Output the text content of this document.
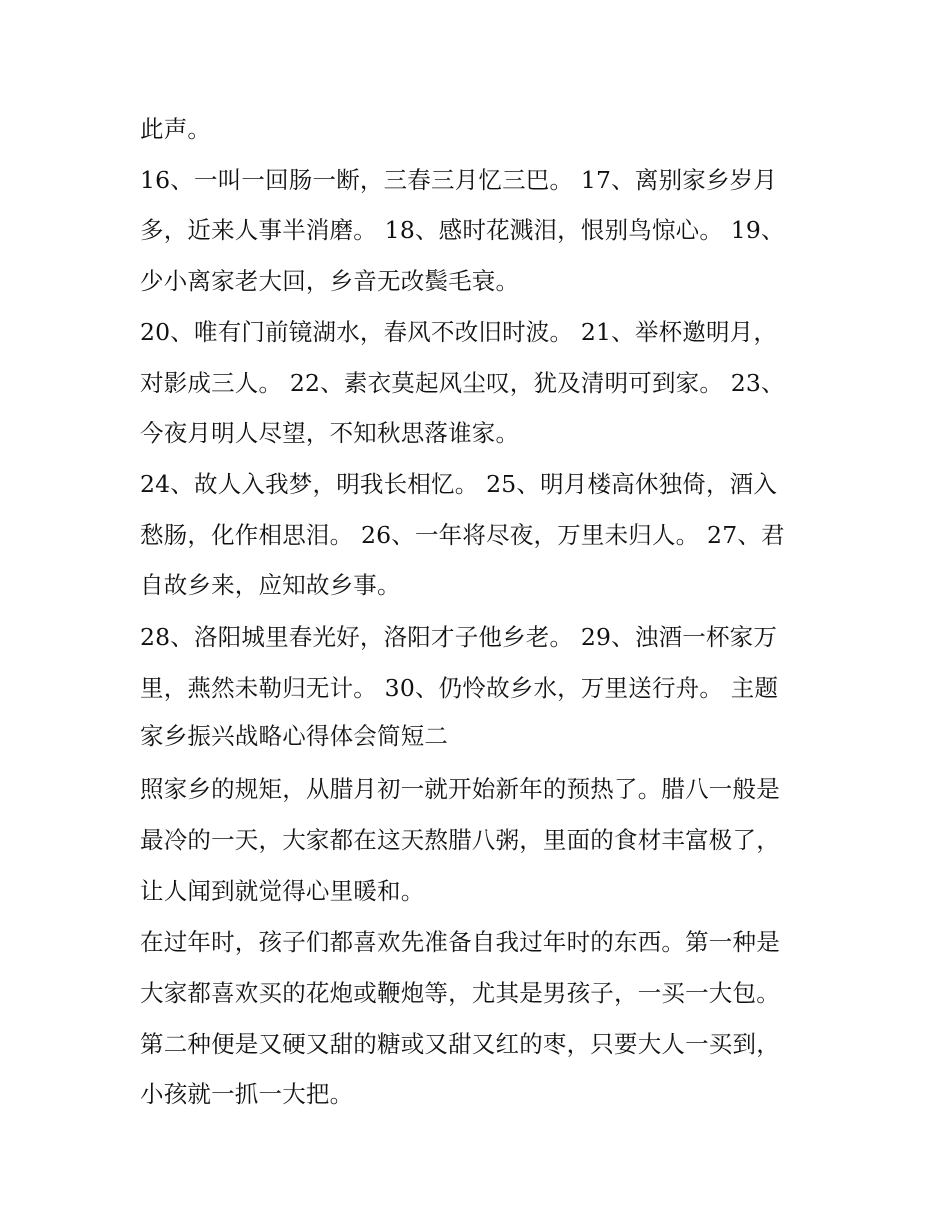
此声。
16、一叫一回肠一断，三春三月忆三巴。 17、离别家乡岁月
多，近来人事半消磨。 18、感时花溅泪，恨别鸟惊心。 19、
少小离家老大回，乡音无改鬓毛衰。
20、唯有门前镜湖水，春风不改旧时波。 21、举杯邀明月，
对影成三人。 22、素衣莫起风尘叹，犹及清明可到家。 23、
今夜月明人尽望，不知秋思落谁家。
24、故人入我梦，明我长相忆。 25、明月楼高休独倚，酒入
愁肠，化作相思泪。 26、一年将尽夜，万里未归人。 27、君
自故乡来，应知故乡事。
28、洛阳城里春光好，洛阳才子他乡老。 29、浊酒一杯家万
里，燕然未勒归无计。 30、仍怜故乡水，万里送行舟。 主题
家乡振兴战略心得体会简短二
照家乡的规矩，从腊月初一就开始新年的预热了。腊八一般是
最冷的一天，大家都在这天熬腊八粥，里面的食材丰富极了，
让人闻到就觉得心里暖和。
在过年时，孩子们都喜欢先准备自我过年时的东西。第一种是
大家都喜欢买的花炮或鞭炮等，尤其是男孩子，一买一大包。
第二种便是又硬又甜的糖或又甜又红的枣，只要大人一买到，
小孩就一抓一大把。
